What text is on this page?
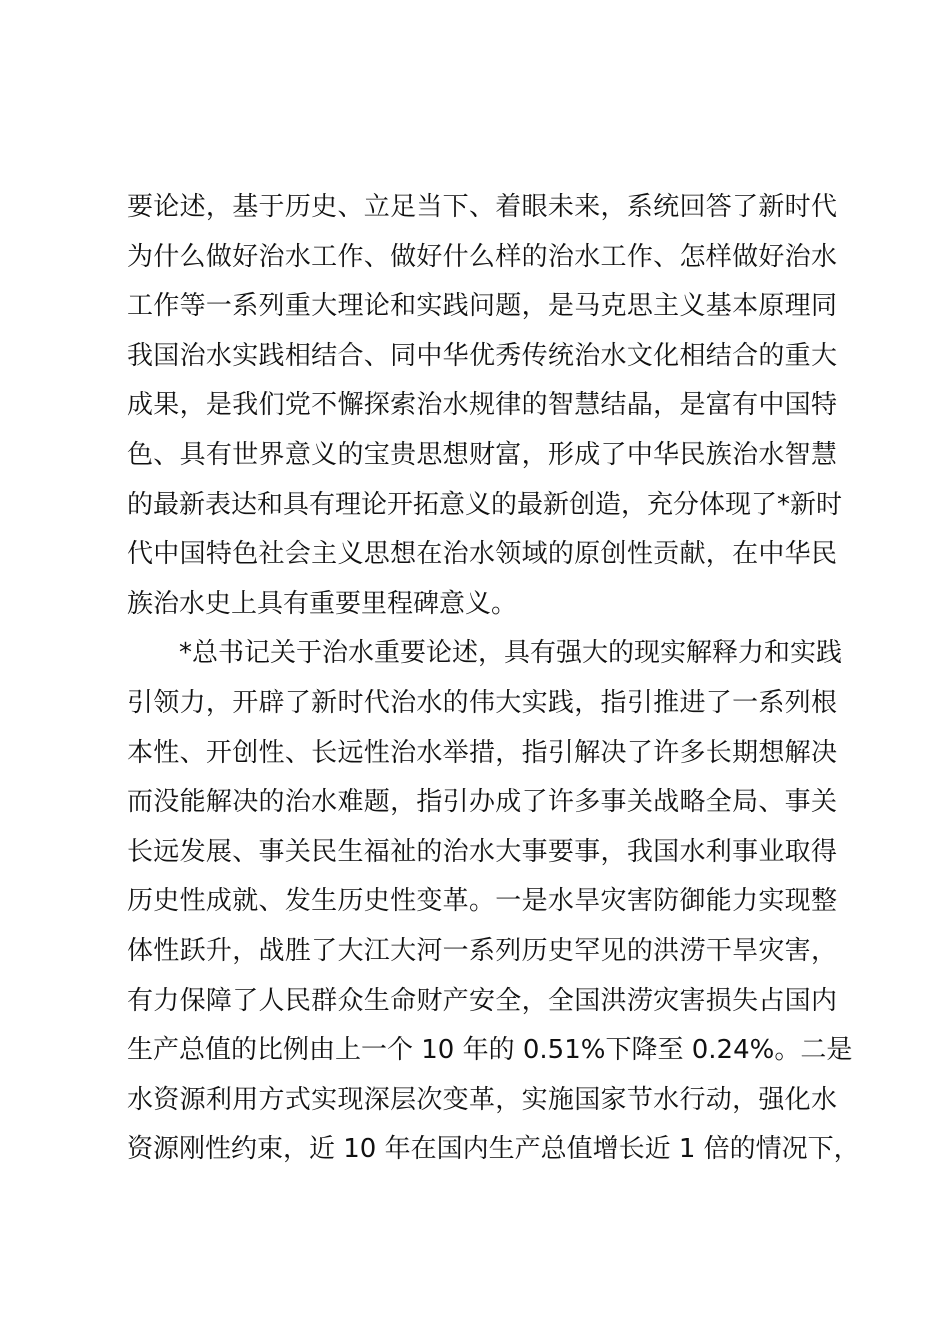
要论述，基于历史、立足当下、着眼未来，系统回答了新时代
为什么做好治水工作、做好什么样的治水工作、怎样做好治水
工作等一系列重大理论和实践问题，是马克思主义基本原理同
我国治水实践相结合、同中华优秀传统治水文化相结合的重大
成果，是我们党不懈探索治水规律的智慧结晶，是富有中国特
色、具有世界意义的宝贵思想财富，形成了中华民族治水智慧
的最新表达和具有理论开拓意义的最新创造，充分体现了*新时
代中国特色社会主义思想在治水领域的原创性贡献，在中华民
族治水史上具有重要里程碑意义。
*总书记关于治水重要论述，具有强大的现实解释力和实践
引领力，开辟了新时代治水的伟大实践，指引推进了一系列根
本性、开创性、长远性治水举措，指引解决了许多长期想解决
而没能解决的治水难题，指引办成了许多事关战略全局、事关
长远发展、事关民生福祉的治水大事要事，我国水利事业取得
历史性成就、发生历史性变革。一是水旱灾害防御能力实现整
体性跃升，战胜了大江大河一系列历史罕见的洪涝干旱灾害，
有力保障了人民群众生命财产安全，全国洪涝灾害损失占国内
生产总值的比例由上一个 10 年的 0.51%下降至 0.24%。二是
水资源利用方式实现深层次变革，实施国家节水行动，强化水
资源刚性约束，近 10 年在国内生产总值增长近 1 倍的情况下，
